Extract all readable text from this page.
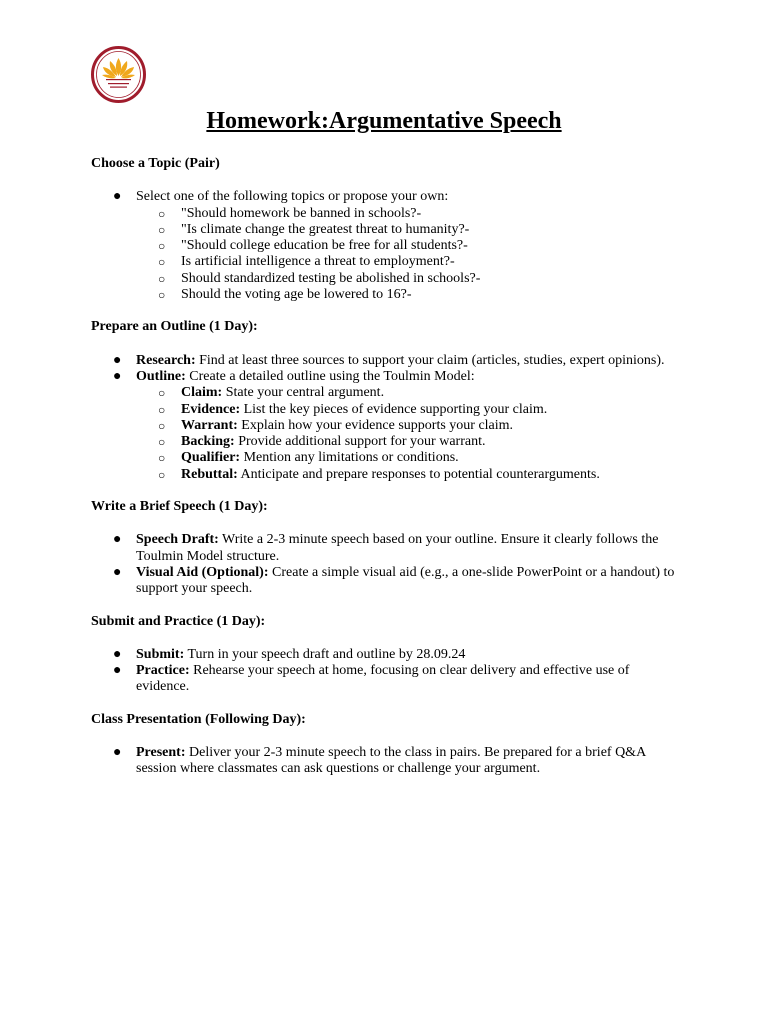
Homework:Argumentative Speech

Choose a Topic (Pair)

● Select one of the following topics or propose your own:
○ "Should homework be banned in schools?-
○ "Is climate change the greatest threat to humanity?-
○ "Should college education be free for all students?-
○ Is artificial intelligence a threat to employment?-
○ Should standardized testing be abolished in schools?-
○ Should the voting age be lowered to 16?-

Prepare an Outline (1 Day):

● Research: Find at least three sources to support your claim (articles, studies, expert opinions).
● Outline: Create a detailed outline using the Toulmin Model:
○ Claim: State your central argument.
○ Evidence: List the key pieces of evidence supporting your claim.
○ Warrant: Explain how your evidence supports your claim.
○ Backing: Provide additional support for your warrant.
○ Qualifier: Mention any limitations or conditions.
○ Rebuttal: Anticipate and prepare responses to potential counterarguments.

Write a Brief Speech (1 Day):

● Speech Draft: Write a 2-3 minute speech based on your outline. Ensure it clearly follows the Toulmin Model structure.
● Visual Aid (Optional): Create a simple visual aid (e.g., a one-slide PowerPoint or a handout) to support your speech.

Submit and Practice (1 Day):

● Submit: Turn in your speech draft and outline by 28.09.24
● Practice: Rehearse your speech at home, focusing on clear delivery and effective use of evidence.

Class Presentation (Following Day):

● Present: Deliver your 2-3 minute speech to the class in pairs. Be prepared for a brief Q&A session where classmates can ask questions or challenge your argument.
